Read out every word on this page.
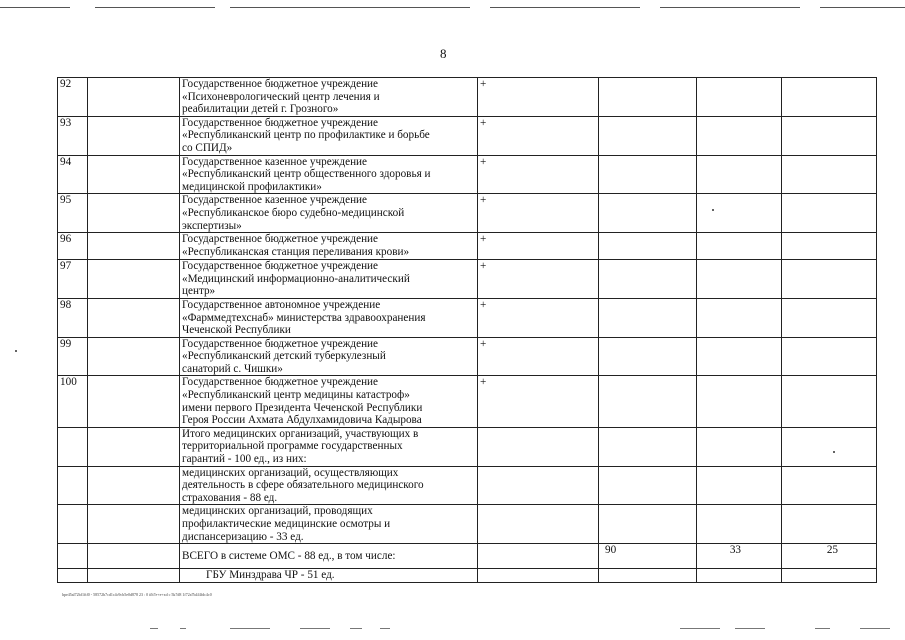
8
92		Государственное бюджетное учреждение
«Психоневрологический центр лечения и
реабилитации детей г. Грозного»	+			
93		Государственное бюджетное учреждение
«Республиканский центр по профилактике и борьбе
со СПИД»	+			
94		Государственное казенное учреждение
«Республиканский центр общественного здоровья и
медицинской профилактики»	+			
95		Государственное казенное учреждение
«Республиканское бюро судебно-медицинской
экспертизы»	+			
96		Государственное бюджетное учреждение
«Республиканская станция переливания крови»	+			
97		Государственное бюджетное учреждение
«Медицинский информационно-аналитический
центр»	+			
98		Государственное автономное учреждение
«Фарммедтехснаб» министерства здравоохранения
Чеченской Республики	+			
99		Государственное бюджетное учреждение
«Республиканский детский туберкулезный
санаторий с. Чишки»	+			
100		Государственное бюджетное учреждение
«Республиканский центр медицины катастроф»
имени первого Президента Чеченской Республики
Героя России Ахмата Абдулхамидовича Кадырова	+			

		Итого медицинских организаций, участвующих в
территориальной программе государственных
гарантий - 100 ед., из них:				

		медицинских организаций, осуществляющих
деятельность в сфере обязательного медицинского
страхования - 88 ед.				

		медицинских организаций, проводящих
профилактические медицинские осмотры и
диспансеризацию - 33 ед.				

		ВСЕГО в системе ОМС - 88 ед., в том числе:		90	33	25
		ГБУ Минздрава ЧР - 51 ед.				
hpe45al72bf1ftf0 - 58572b7cd1c4c9cb5e0d878 23 : 0 ifh7e+e+xd c 5k7d8 1f72a7b4f4fdc4c0
